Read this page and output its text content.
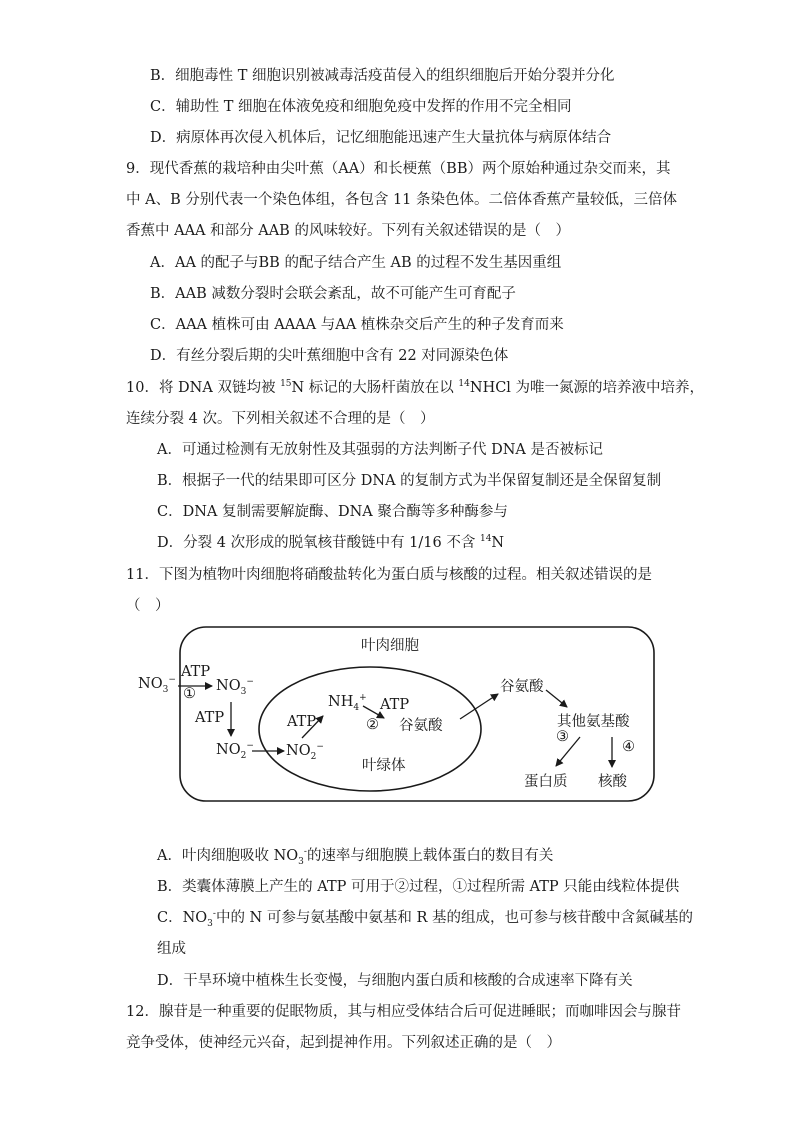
B．细胞毒性 T 细胞识别被减毒活疫苗侵入的组织细胞后开始分裂并分化
C．辅助性 T 细胞在体液免疫和细胞免疫中发挥的作用不完全相同
D．病原体再次侵入机体后，记忆细胞能迅速产生大量抗体与病原体结合
9．现代香蕉的栽培种由尖叶蕉（AA）和长梗蕉（BB）两个原始种通过杂交而来，其
中 A、B 分别代表一个染色体组，各包含 11 条染色体。二倍体香蕉产量较低，三倍体
香蕉中 AAA 和部分 AAB 的风味较好。下列有关叙述错误的是（　）
A．AA 的配子与BB 的配子结合产生 AB 的过程不发生基因重组
B．AAB 减数分裂时会联会紊乱，故不可能产生可育配子
C．AAA 植株可由 AAAA 与AA 植株杂交后产生的种子发育而来
D．有丝分裂后期的尖叶蕉细胞中含有 22 对同源染色体
10．将 DNA 双链均被 $^{15}$N 标记的大肠杆菌放在以 $^{14}$NHCl 为唯一氮源的培养液中培养，
连续分裂 4 次。下列相关叙述不合理的是（　）
A．可通过检测有无放射性及其强弱的方法判断子代 DNA 是否被标记
B．根据子一代的结果即可区分 DNA 的复制方式为半保留复制还是全保留复制
C．DNA 复制需要解旋酶、DNA 聚合酶等多种酶参与
D．分裂 4 次形成的脱氧核苷酸链中有 1/16 不含 $^{14}$N
11．下图为植物叶肉细胞将硝酸盐转化为蛋白质与核酸的过程。相关叙述错误的是
（　）
叶肉细胞
叶绿体
$NO_3^-$
ATP
① $NO_3^-$
ATP
$NO_2^-$ $NO_2^-$
ATP
$NH_4^+$ ATP
② 谷氨酸
谷氨酸
其他氨基酸
③
④
蛋白质 核酸
A．叶肉细胞吸收 $NO_3^-$的速率与细胞膜上载体蛋白的数目有关
B．类囊体薄膜上产生的 ATP 可用于②过程，①过程所需 ATP 只能由线粒体提供
C．$NO_3^-$中的 N 可参与氨基酸中氨基和 R 基的组成，也可参与核苷酸中含氮碱基的
组成
D．干旱环境中植株生长变慢，与细胞内蛋白质和核酸的合成速率下降有关
12．腺苷是一种重要的促眠物质，其与相应受体结合后可促进睡眠；而咖啡因会与腺苷
竞争受体，使神经元兴奋，起到提神作用。下列叙述正确的是（　）
